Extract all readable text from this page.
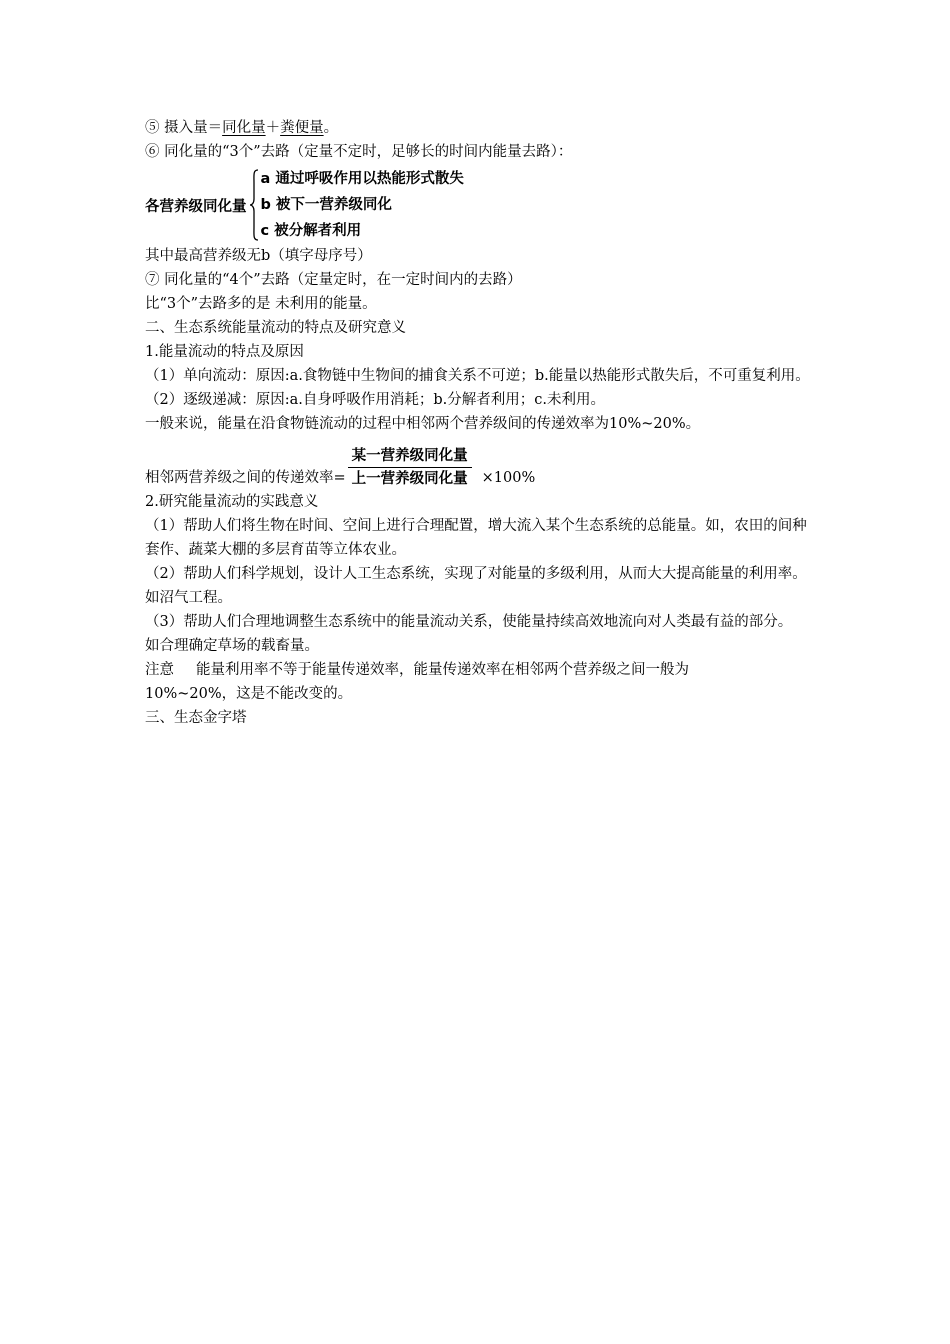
⑤ 摄入量＝同化量＋粪便量。
⑥ 同化量的“3个”去路（定量不定时，足够长的时间内能量去路）：
各营养级同化量
a 通过呼吸作用以热能形式散失
b 被下一营养级同化
c 被分解者利用
其中最高营养级无b（填字母序号）
⑦ 同化量的“4个”去路（定量定时，在一定时间内的去路）
比“3个”去路多的是 未利用的能量。
二、生态系统能量流动的特点及研究意义
1.能量流动的特点及原因
（1）单向流动：原因:a.食物链中生物间的捕食关系不可逆；b.能量以热能形式散失后，不可重复利用。
（2）逐级递减：原因:a.自身呼吸作用消耗；b.分解者利用；c.未利用。
一般来说，能量在沿食物链流动的过程中相邻两个营养级间的传递效率为10%~20%。
相邻两营养级之间的传递效率= $\frac{\text{某一营养级同化量}}{\text{上一营养级同化量}} \times 100\%$
2.研究能量流动的实践意义
（1）帮助人们将生物在时间、空间上进行合理配置，增大流入某个生态系统的总能量。如，农田的间种套作、蔬菜大棚的多层育苗等立体农业。
（2）帮助人们科学规划，设计人工生态系统，实现了对能量的多级利用，从而大大提高能量的利用率。如沼气工程。
（3）帮助人们合理地调整生态系统中的能量流动关系，使能量持续高效地流向对人类最有益的部分。如合理确定草场的载畜量。
注意 能量利用率不等于能量传递效率，能量传递效率在相邻两个营养级之间一般为
10%~20%，这是不能改变的。
三、生态金字塔
